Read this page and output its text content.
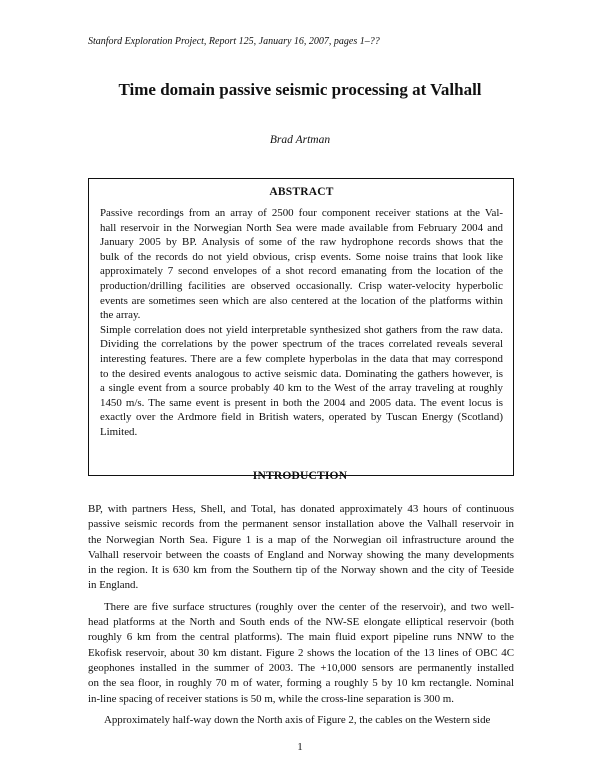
Stanford Exploration Project, Report 125, January 16, 2007, pages 1–??
Time domain passive seismic processing at Valhall
Brad Artman
ABSTRACT
Passive recordings from an array of 2500 four component receiver stations at the Val-
hall reservoir in the Norwegian North Sea were made available from February 2004 and
January 2005 by BP. Analysis of some of the raw hydrophone records shows that the
bulk of the records do not yield obvious, crisp events. Some noise trains that look like
approximately 7 second envelopes of a shot record emanating from the location of the
production/drilling facilities are observed occasionally. Crisp water-velocity hyperbolic
events are sometimes seen which are also centered at the location of the platforms within
the array.
Simple correlation does not yield interpretable synthesized shot gathers from the raw data.
Dividing the correlations by the power spectrum of the traces correlated reveals several
interesting features. There are a few complete hyperbolas in the data that may correspond
to the desired events analogous to active seismic data. Dominating the gathers however, is
a single event from a source probably 40 km to the West of the array traveling at roughly
1450 m/s. The same event is present in both the 2004 and 2005 data. The event locus is
exactly over the Ardmore field in British waters, operated by Tuscan Energy (Scotland)
Limited.
INTRODUCTION
BP, with partners Hess, Shell, and Total, has donated approximately 43 hours of continuous
passive seismic records from the permanent sensor installation above the Valhall reservoir in
the Norwegian North Sea. Figure 1 is a map of the Norwegian oil infrastructure around the
Valhall reservoir between the coasts of England and Norway showing the many developments
in the region. It is 630 km from the Southern tip of the Norway shown and the city of Teeside
in England.
There are five surface structures (roughly over the center of the reservoir), and two well-
head platforms at the North and South ends of the NW-SE elongate elliptical reservoir (both
roughly 6 km from the central platforms). The main fluid export pipeline runs NNW to the
Ekofisk reservoir, about 30 km distant. Figure 2 shows the location of the 13 lines of OBC 4C
geophones installed in the summer of 2003. The +10,000 sensors are permanently installed
on the sea floor, in roughly 70 m of water, forming a roughly 5 by 10 km rectangle. Nominal
in-line spacing of receiver stations is 50 m, while the cross-line separation is 300 m.
Approximately half-way down the North axis of Figure 2, the cables on the Western side
1
